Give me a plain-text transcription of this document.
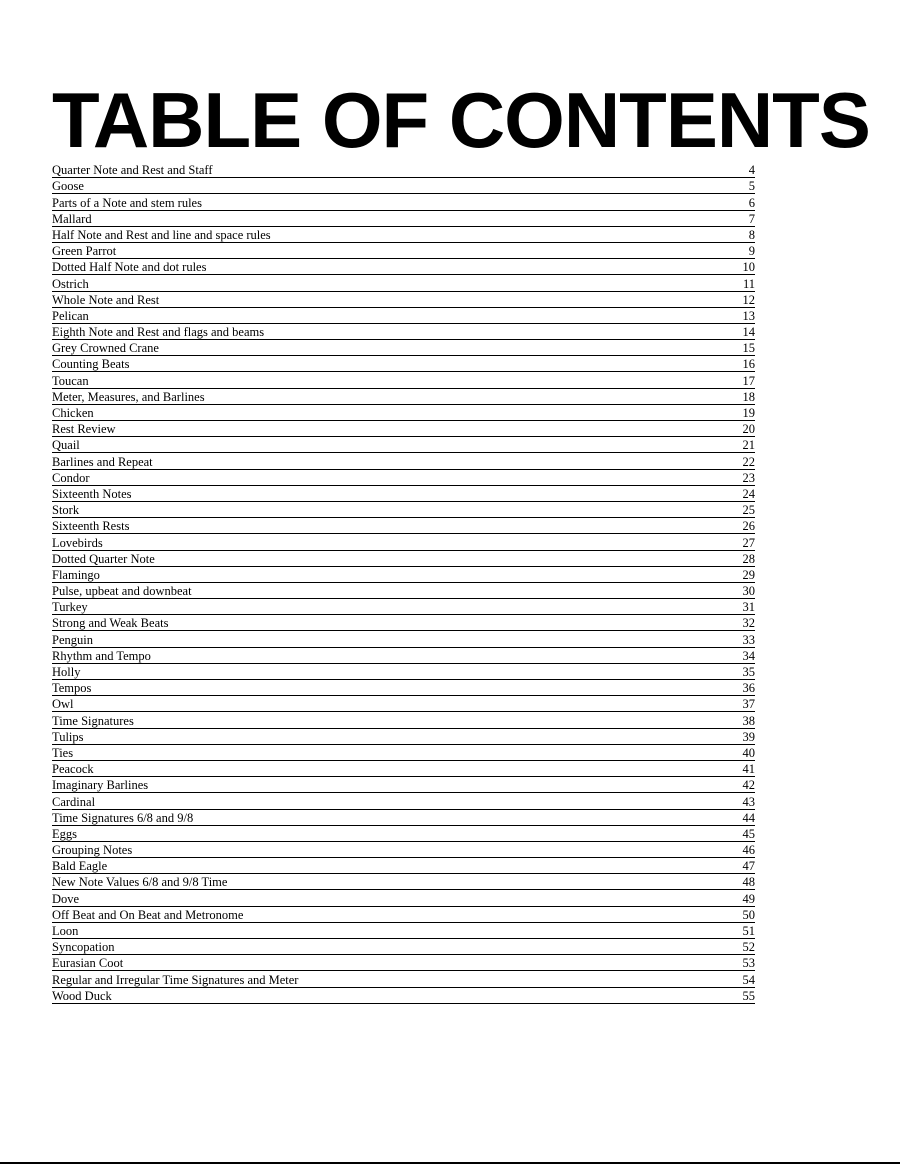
TABLE OF CONTENTS
Quarter Note and Rest and Staff	4
Goose	5
Parts of a Note and stem rules	6
Mallard	7
Half Note and Rest and line and space rules	8
Green Parrot	9
Dotted Half Note and dot rules	10
Ostrich	11
Whole Note and Rest	12
Pelican	13
Eighth Note and Rest and flags and beams	14
Grey Crowned Crane	15
Counting Beats	16
Toucan	17
Meter, Measures, and Barlines	18
Chicken	19
Rest Review	20
Quail	21
Barlines and Repeat	22
Condor	23
Sixteenth Notes	24
Stork	25
Sixteenth Rests	26
Lovebirds	27
Dotted Quarter Note	28
Flamingo	29
Pulse, upbeat and downbeat	30
Turkey	31
Strong and Weak Beats	32
Penguin	33
Rhythm and Tempo	34
Holly	35
Tempos	36
Owl	37
Time Signatures	38
Tulips	39
Ties	40
Peacock	41
Imaginary Barlines	42
Cardinal	43
Time Signatures 6/8 and 9/8	44
Eggs	45
Grouping Notes	46
Bald Eagle	47
New Note Values 6/8 and 9/8 Time	48
Dove	49
Off Beat and On Beat and Metronome	50
Loon	51
Syncopation	52
Eurasian Coot	53
Regular and Irregular Time Signatures and Meter	54
Wood Duck	55
